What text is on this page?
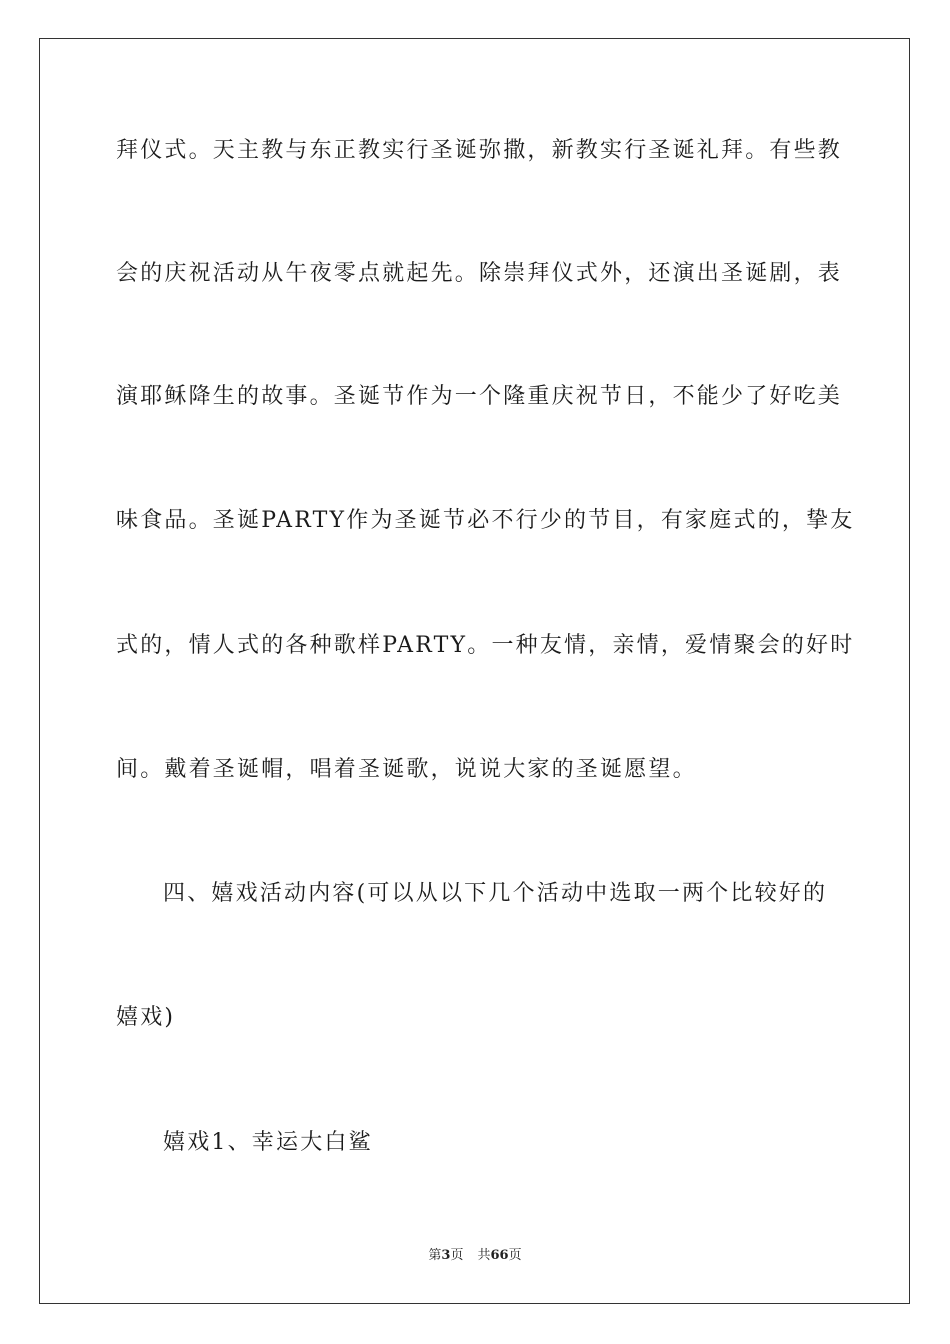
拜仪式。天主教与东正教实行圣诞弥撒，新教实行圣诞礼拜。有些教
会的庆祝活动从午夜零点就起先。除崇拜仪式外，还演出圣诞剧，表
演耶稣降生的故事。圣诞节作为一个隆重庆祝节日，不能少了好吃美
味食品。圣诞PARTY作为圣诞节必不行少的节目，有家庭式的，挚友
式的，情人式的各种歌样PARTY。一种友情，亲情，爱情聚会的好时
间。戴着圣诞帽，唱着圣诞歌，说说大家的圣诞愿望。
四、嬉戏活动内容(可以从以下几个活动中选取一两个比较好的
嬉戏)
嬉戏1、幸运大白鲨
第3页 共66页
